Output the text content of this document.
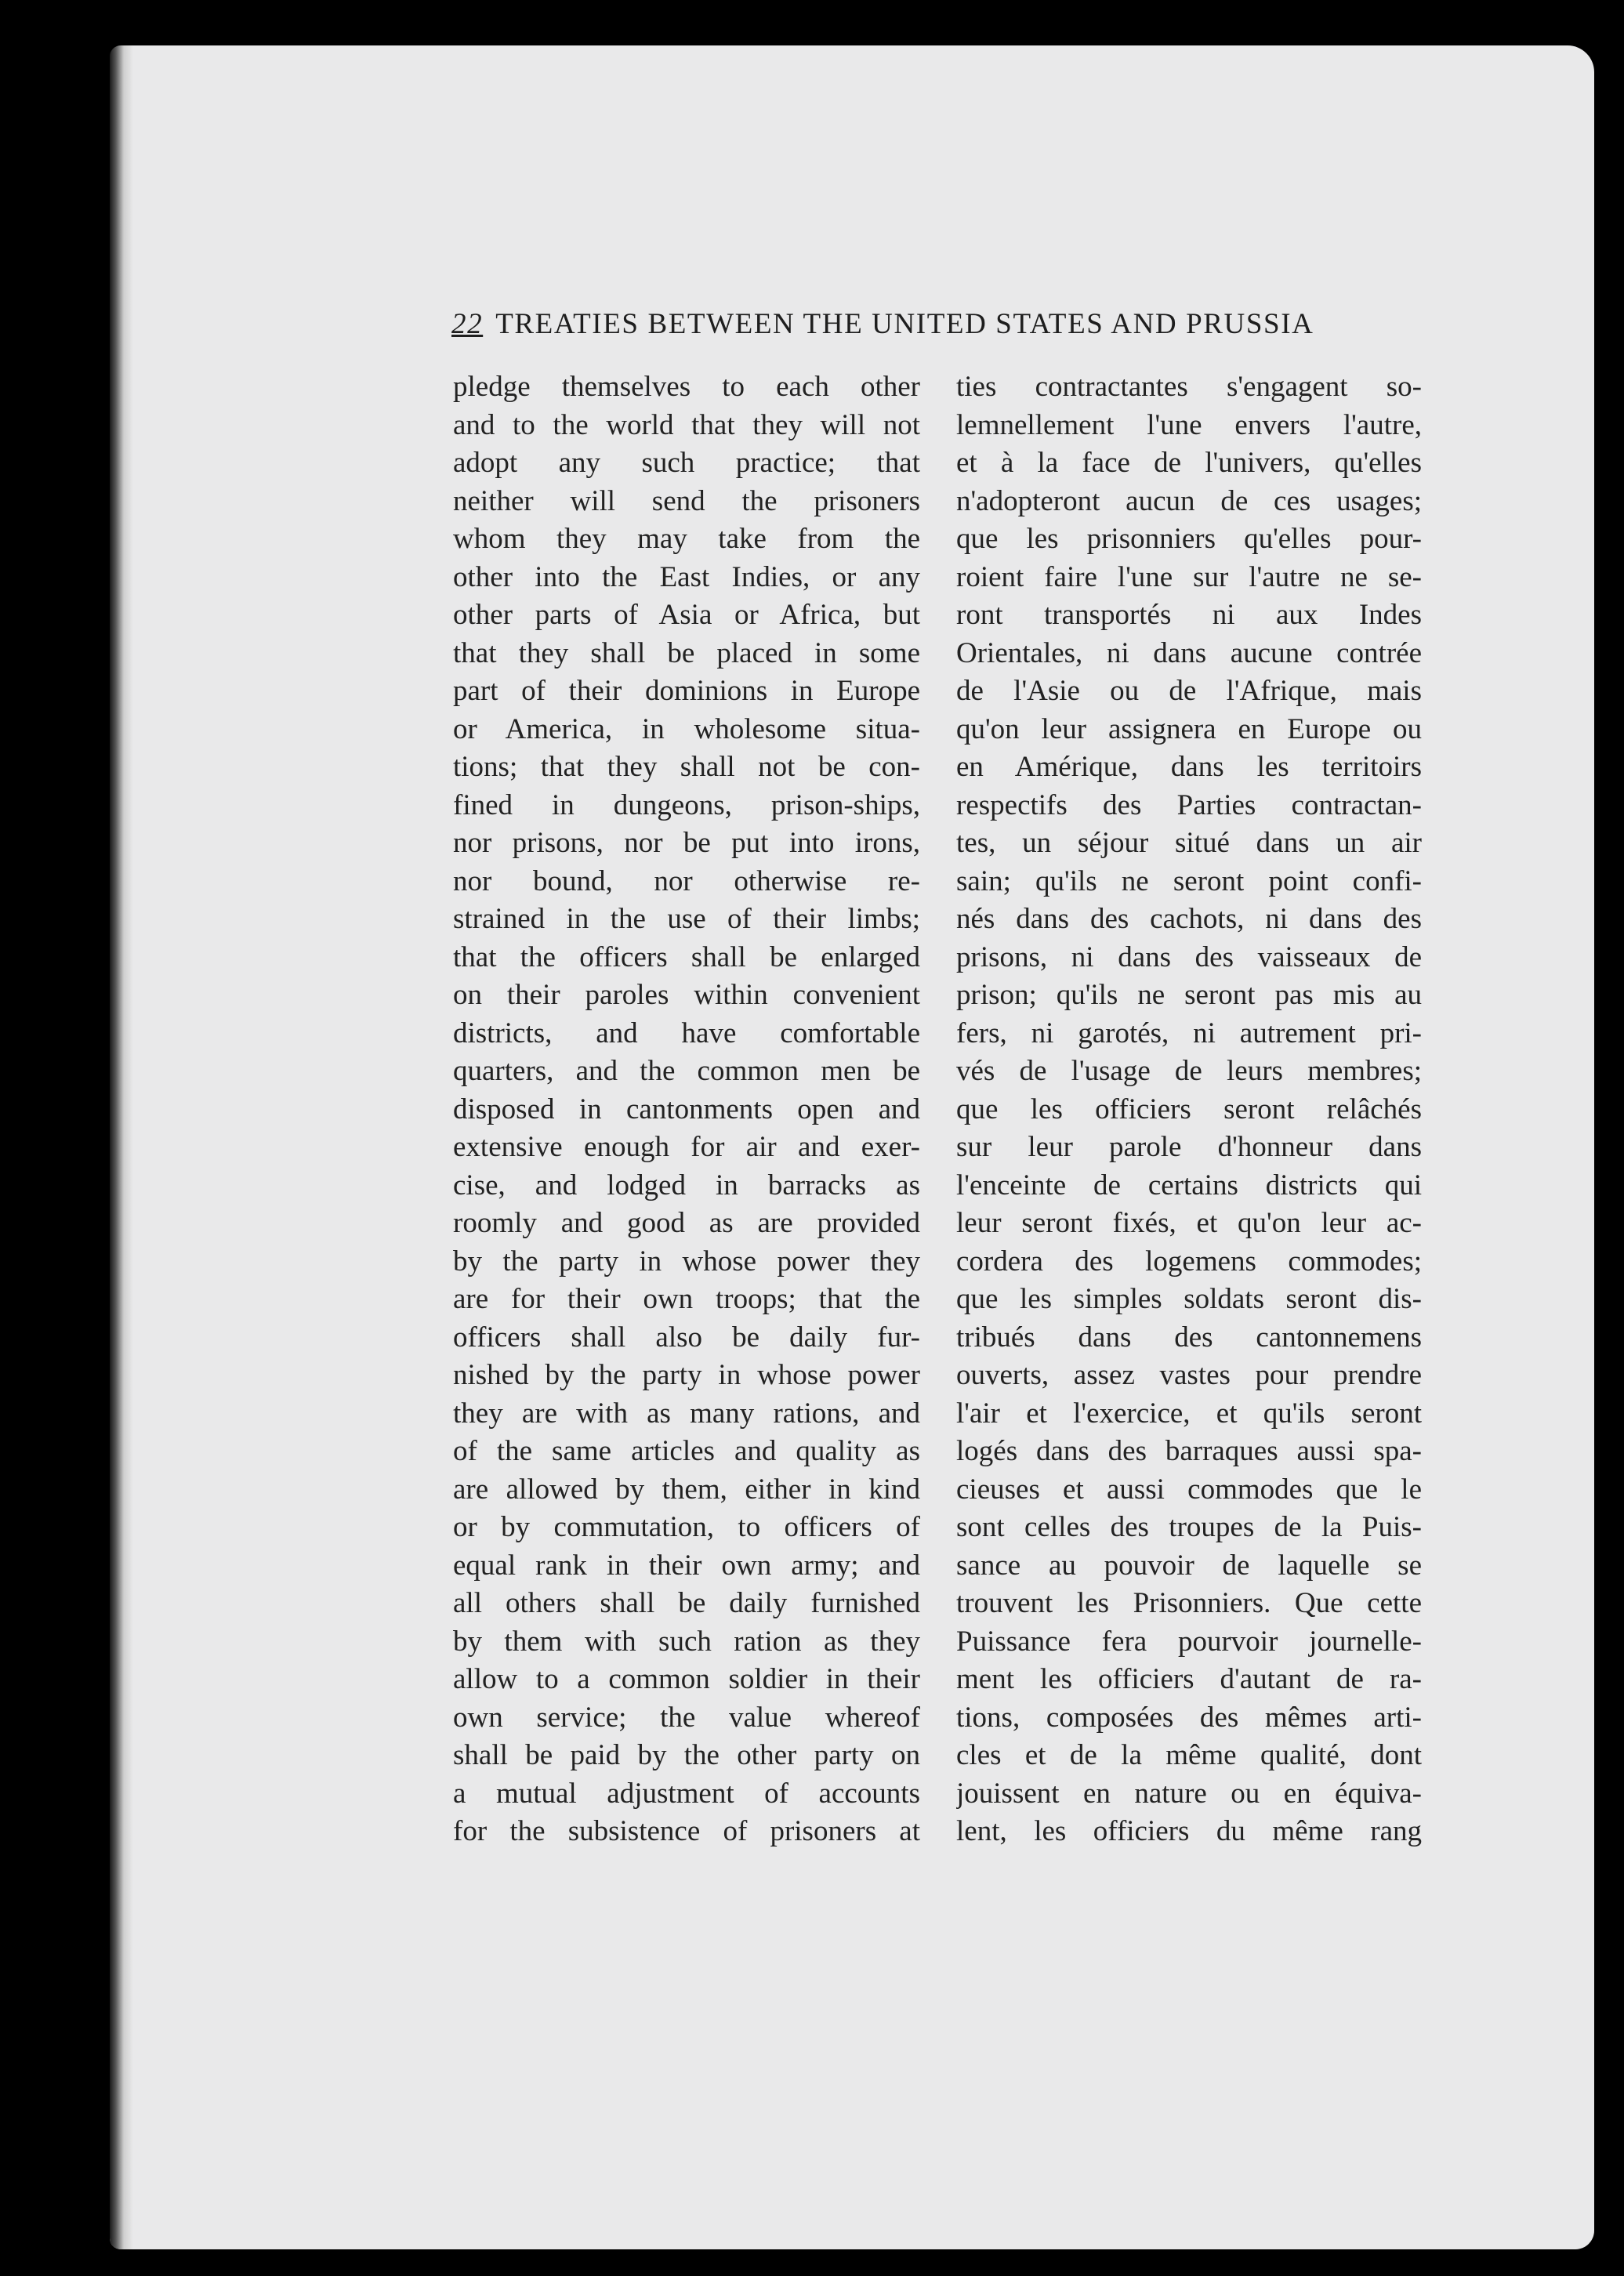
22 TREATIES BETWEEN THE UNITED STATES AND PRUSSIA
pledge themselves to each other
and to the world that they will not
adopt any such practice; that
neither will send the prisoners
whom they may take from the
other into the East Indies, or any
other parts of Asia or Africa, but
that they shall be placed in some
part of their dominions in Europe
or America, in wholesome situa-
tions; that they shall not be con-
fined in dungeons, prison-ships,
nor prisons, nor be put into irons,
nor bound, nor otherwise re-
strained in the use of their limbs;
that the officers shall be enlarged
on their paroles within convenient
districts, and have comfortable
quarters, and the common men be
disposed in cantonments open and
extensive enough for air and exer-
cise, and lodged in barracks as
roomly and good as are provided
by the party in whose power they
are for their own troops; that the
officers shall also be daily fur-
nished by the party in whose power
they are with as many rations, and
of the same articles and quality as
are allowed by them, either in kind
or by commutation, to officers of
equal rank in their own army; and
all others shall be daily furnished
by them with such ration as they
allow to a common soldier in their
own service; the value whereof
shall be paid by the other party on
a mutual adjustment of accounts
for the subsistence of prisoners at
ties contractantes s'engagent so-
lemnellement l'une envers l'autre,
et à la face de l'univers, qu'elles
n'adopteront aucun de ces usages;
que les prisonniers qu'elles pour-
roient faire l'une sur l'autre ne se-
ront transportés ni aux Indes
Orientales, ni dans aucune contrée
de l'Asie ou de l'Afrique, mais
qu'on leur assignera en Europe ou
en Amérique, dans les territoirs
respectifs des Parties contractan-
tes, un séjour situé dans un air
sain; qu'ils ne seront point confi-
nés dans des cachots, ni dans des
prisons, ni dans des vaisseaux de
prison; qu'ils ne seront pas mis au
fers, ni garotés, ni autrement pri-
vés de l'usage de leurs membres;
que les officiers seront relâchés
sur leur parole d'honneur dans
l'enceinte de certains districts qui
leur seront fixés, et qu'on leur ac-
cordera des logemens commodes;
que les simples soldats seront dis-
tribués dans des cantonnemens
ouverts, assez vastes pour prendre
l'air et l'exercice, et qu'ils seront
logés dans des barraques aussi spa-
cieuses et aussi commodes que le
sont celles des troupes de la Puis-
sance au pouvoir de laquelle se
trouvent les Prisonniers. Que cette
Puissance fera pourvoir journelle-
ment les officiers d'autant de ra-
tions, composées des mêmes arti-
cles et de la même qualité, dont
jouissent en nature ou en équiva-
lent, les officiers du même rang
